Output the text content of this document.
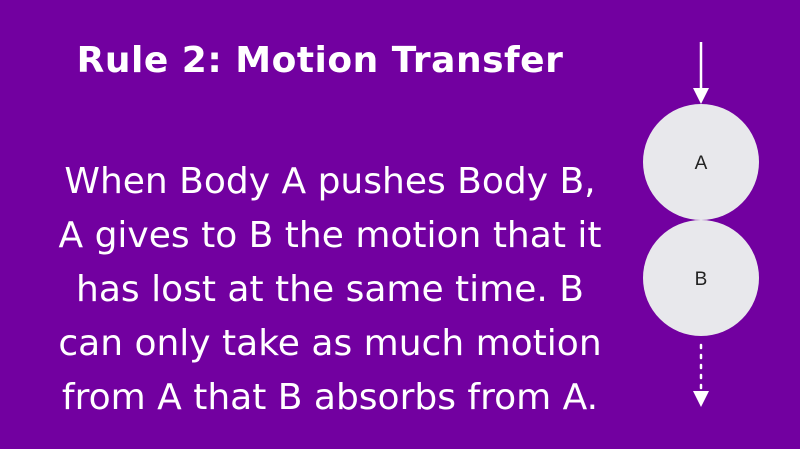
Rule 2: Motion Transfer
When Body A pushes Body B,
A gives to B the motion that it
has lost at the same time. B
can only take as much motion
from A that B absorbs from A.
A
B
